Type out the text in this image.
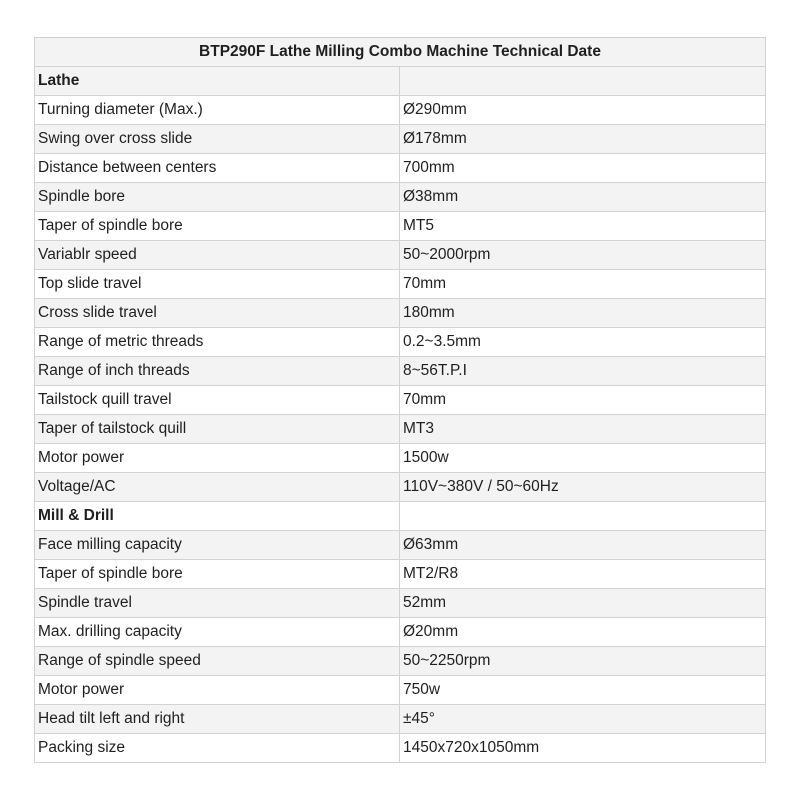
BTP290F Lathe Milling Combo Machine Technical Date	
Lathe	
Turning diameter (Max.)	Ø290mm
Swing over cross slide	Ø178mm
Distance between centers	700mm
Spindle bore	Ø38mm
Taper of spindle bore	MT5
Variablr speed	50~2000rpm
Top slide travel	70mm
Cross slide travel	180mm
Range of metric threads	0.2~3.5mm
Range of inch threads	8~56T.P.I
Tailstock quill travel	70mm
Taper of tailstock quill	MT3
Motor power	1500w
Voltage/AC	110V~380V / 50~60Hz
Mill & Drill	
Face milling capacity	Ø63mm
Taper of spindle bore	MT2/R8
Spindle travel	52mm
Max. drilling capacity	Ø20mm
Range of spindle speed	50~2250rpm
Motor power	750w
Head tilt left and right	±45°
Packing size	1450x720x1050mm
